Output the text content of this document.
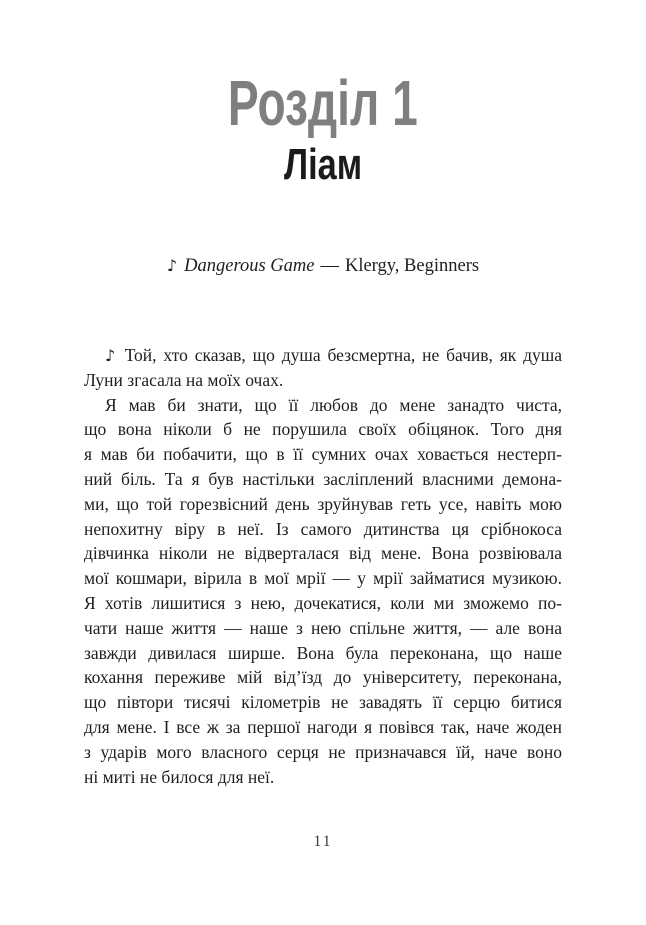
Розділ 1
Ліам
♪ Dangerous Game — Klergy, Beginners
♪ Той, хто сказав, що душа безсмертна, не бачив, як душа
Луни згасала на моїх очах.
Я мав би знати, що її любов до мене занадто чиста,
що вона ніколи б не порушила своїх обіцянок. Того дня
я мав би побачити, що в її сумних очах ховається нестерп-
ний біль. Та я був настільки засліплений власними демона-
ми, що той горезвісний день зруйнував геть усе, навіть мою
непохитну віру в неї. Із самого дитинства ця срібнокоса
дівчинка ніколи не відверталася від мене. Вона розвіювала
мої кошмари, вірила в мої мрії — у мрії займатися музикою.
Я хотів лишитися з нею, дочекатися, коли ми зможемо по-
чати наше життя — наше з нею спільне життя, — але вона
завжди дивилася ширше. Вона була переконана, що наше
кохання переживе мій від’їзд до університету, переконана,
що півтори тисячі кілометрів не завадять її серцю битися
для мене. І все ж за першої нагоди я повівся так, наче жоден
з ударів мого власного серця не призначався їй, наче воно
ні миті не билося для неї.
11
